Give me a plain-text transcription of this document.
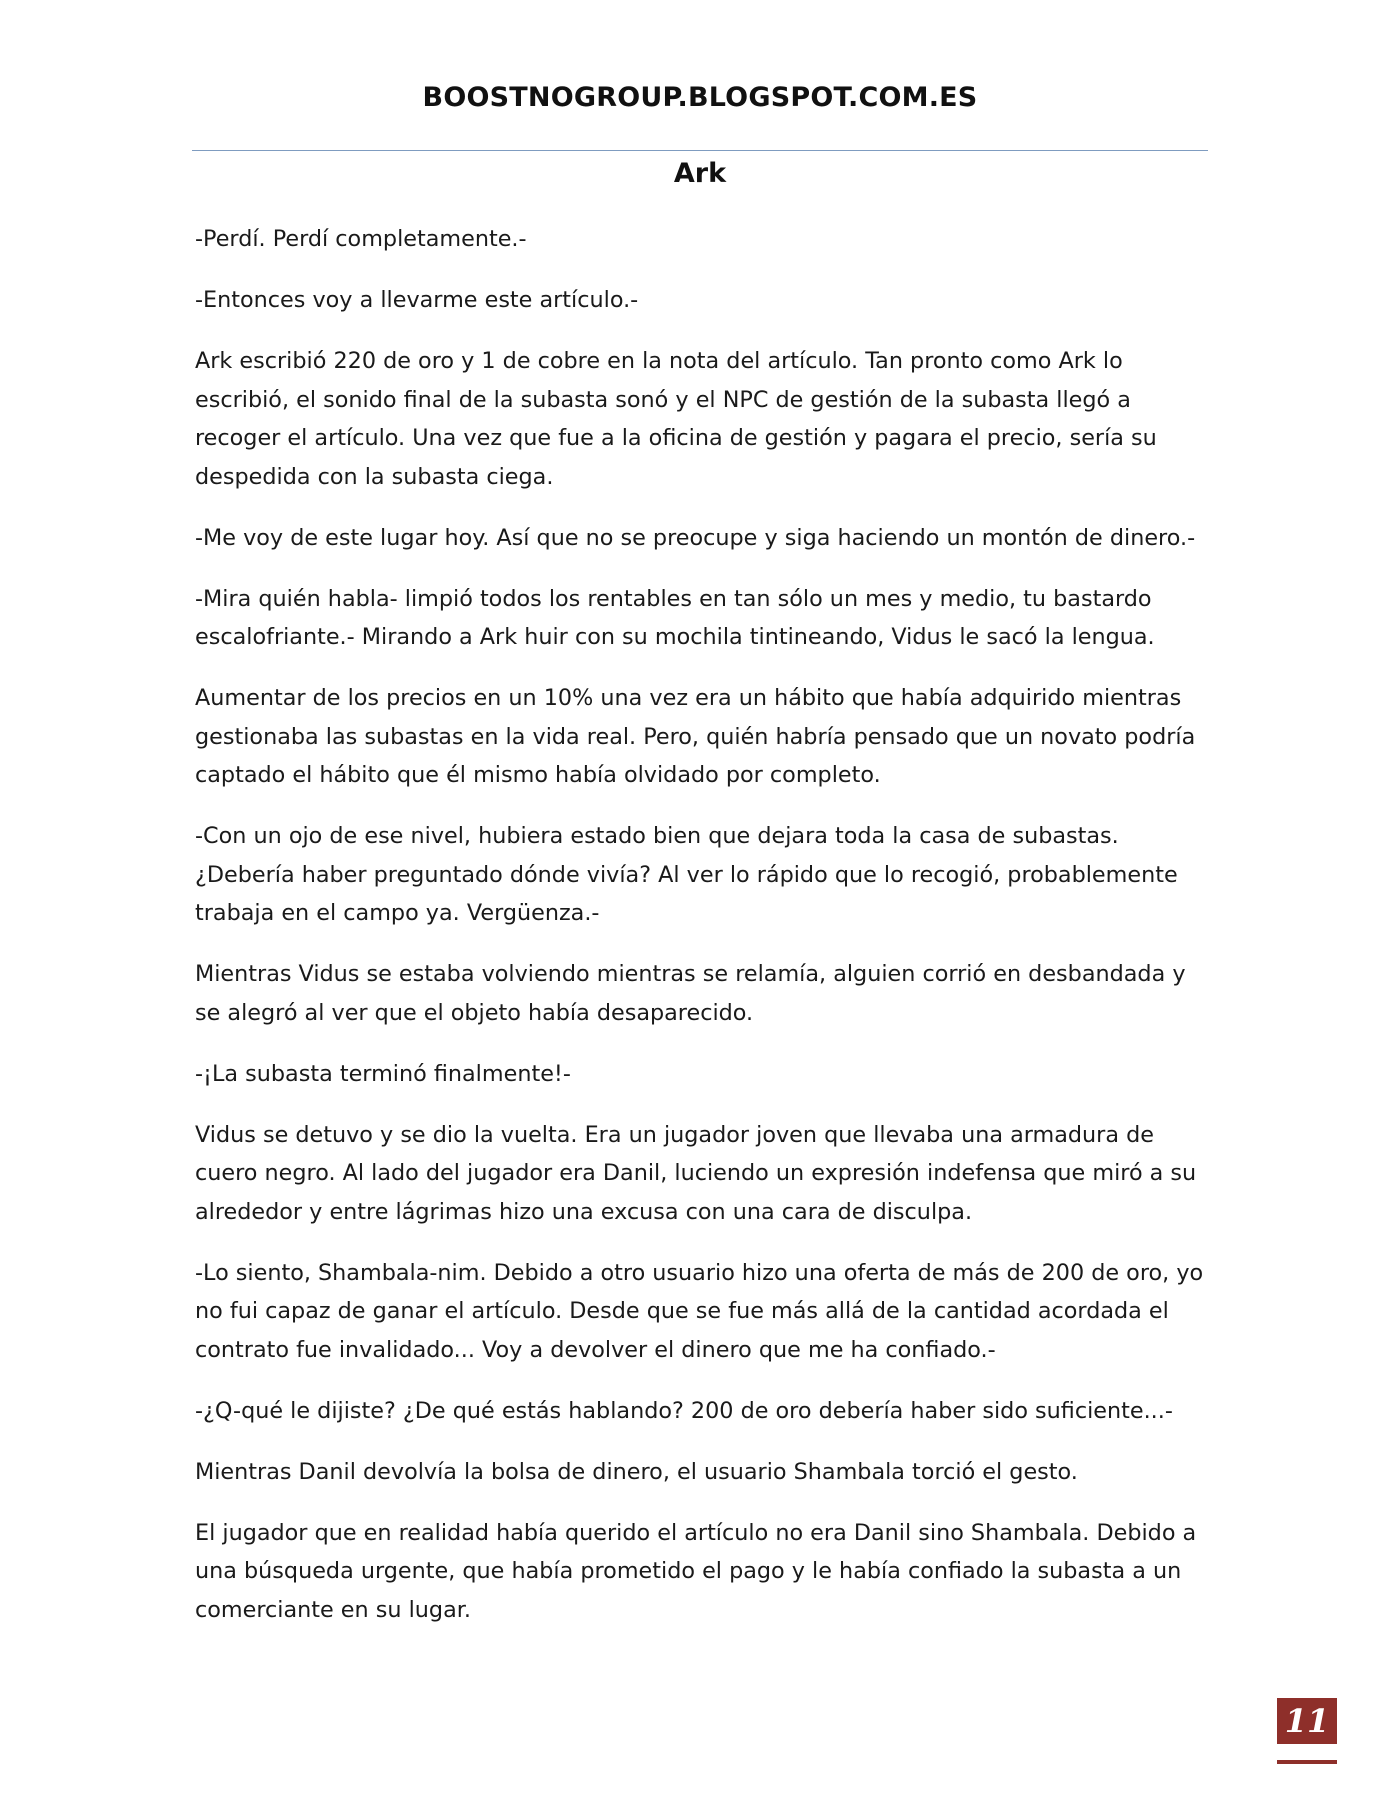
BOOSTNOGROUP.BLOGSPOT.COM.ES
Ark

-Perdí. Perdí completamente.-

-Entonces voy a llevarme este artículo.-

Ark escribió 220 de oro y 1 de cobre en la nota del artículo. Tan pronto como Ark lo escribió, el sonido final de la subasta sonó y el NPC de gestión de la subasta llegó a recoger el artículo. Una vez que fue a la oficina de gestión y pagara el precio, sería su despedida con la subasta ciega.

-Me voy de este lugar hoy. Así que no se preocupe y siga haciendo un montón de dinero.-

-Mira quién habla- limpió todos los rentables en tan sólo un mes y medio, tu bastardo escalofriante.- Mirando a Ark huir con su mochila tintineando, Vidus le sacó la lengua.

Aumentar de los precios en un 10% una vez era un hábito que había adquirido mientras gestionaba las subastas en la vida real. Pero, quién habría pensado que un novato podría captado el hábito que él mismo había olvidado por completo.

-Con un ojo de ese nivel, hubiera estado bien que dejara toda la casa de subastas. ¿Debería haber preguntado dónde vivía? Al ver lo rápido que lo recogió, probablemente trabaja en el campo ya. Vergüenza.-

Mientras Vidus se estaba volviendo mientras se relamía, alguien corrió en desbandada y se alegró al ver que el objeto había desaparecido.

-¡La subasta terminó finalmente!-

Vidus se detuvo y se dio la vuelta. Era un jugador joven que llevaba una armadura de cuero negro. Al lado del jugador era Danil, luciendo un expresión indefensa que miró a su alrededor y entre lágrimas hizo una excusa con una cara de disculpa.

-Lo siento, Shambala-nim. Debido a otro usuario hizo una oferta de más de 200 de oro, yo no fui capaz de ganar el artículo. Desde que se fue más allá de la cantidad acordada el contrato fue invalidado... Voy a devolver el dinero que me ha confiado.-

-¿Q-qué le dijiste? ¿De qué estás hablando? 200 de oro debería haber sido suficiente...-

Mientras Danil devolvía la bolsa de dinero, el usuario Shambala torció el gesto.

El jugador que en realidad había querido el artículo no era Danil sino Shambala. Debido a una búsqueda urgente, que había prometido el pago y le había confiado la subasta a un comerciante en su lugar.

11
